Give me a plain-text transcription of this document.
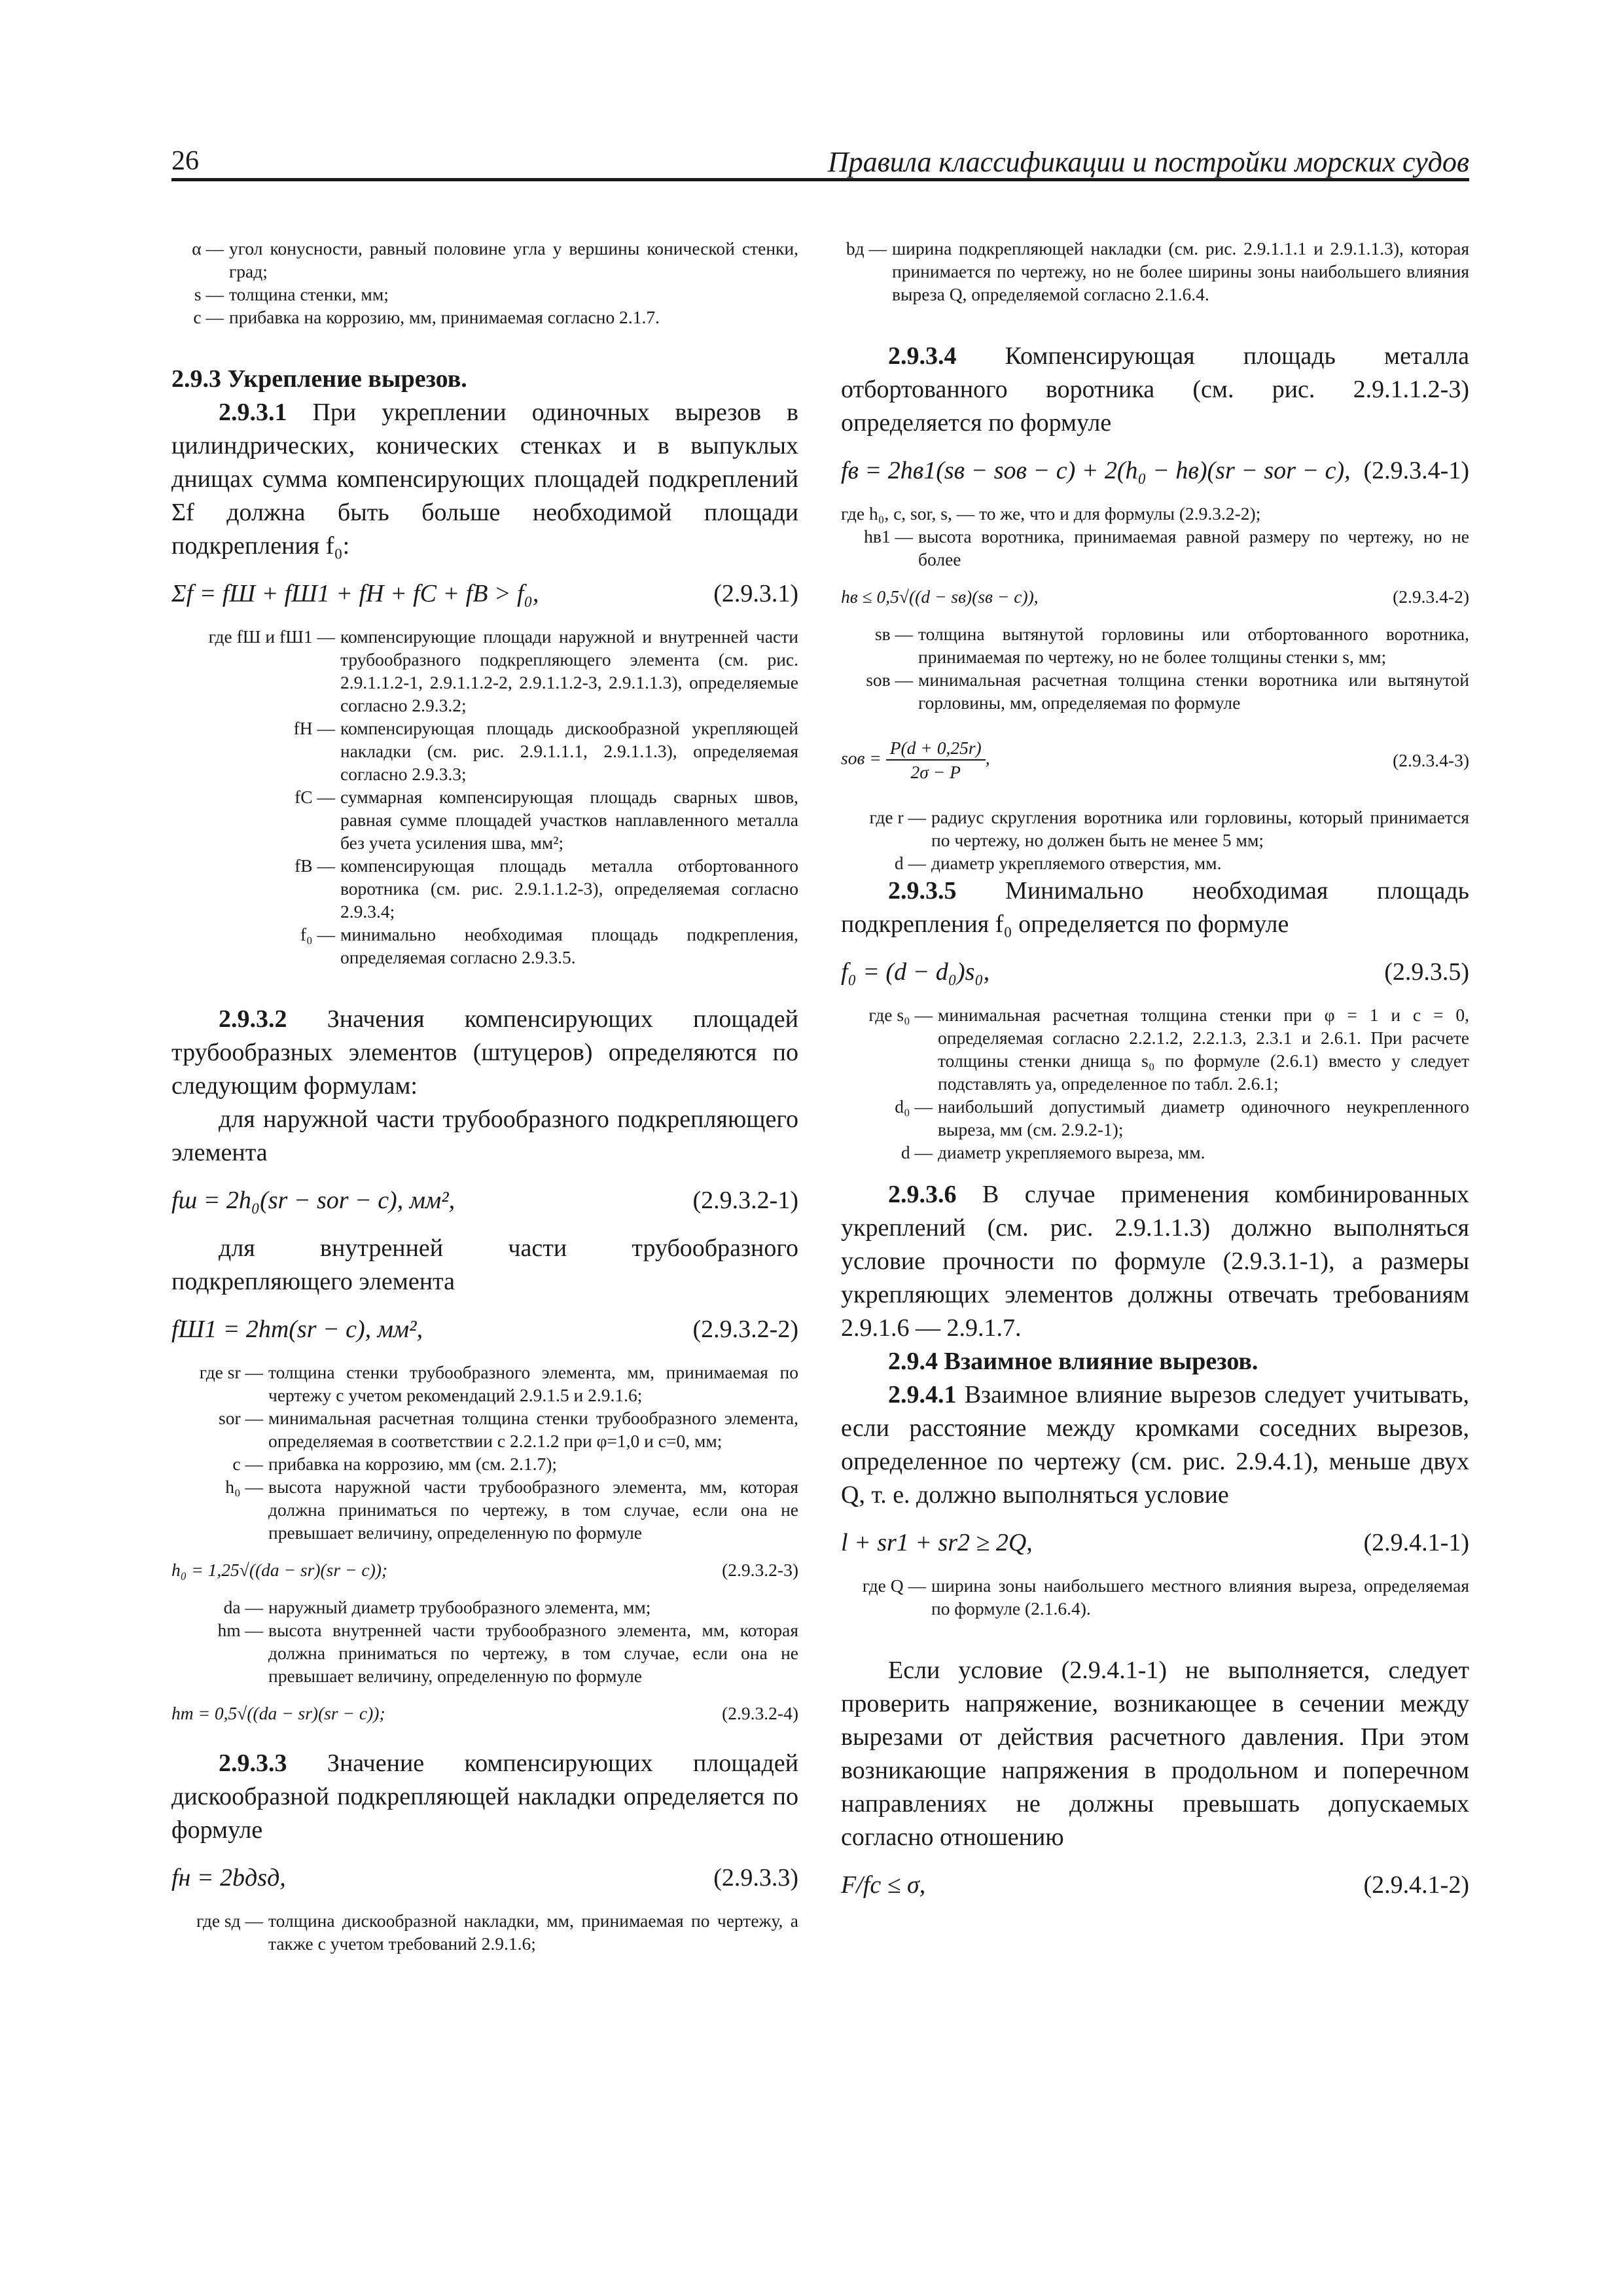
26	Правила классификации и постройки морских судов
α — угол конусности, равный половине угла у вершины конической стенки, град;
s — толщина стенки, мм;
c — прибавка на коррозию, мм, принимаемая согласно 2.1.7.
2.9.3 Укрепление вырезов.
2.9.3.1 При укреплении одиночных вырезов в цилиндрических, конических стенках и в выпуклых днищах сумма компенсирующих площадей подкреплений Σf должна быть больше необходимой площади подкрепления f₀:
Σf = fШ + fШ1 + fН + fС + fВ > f₀,	(2.9.3.1)
где fШ и fШ1 — компенсирующие площади наружной и внутренней части трубообразного подкрепляющего элемента (см. рис. 2.9.1.1.2-1, 2.9.1.1.2-2, 2.9.1.1.2-3, 2.9.1.1.3), определяемые согласно 2.9.3.2;
fН — компенсирующая площадь дискообразной укрепляющей накладки (см. рис. 2.9.1.1.1, 2.9.1.1.3), определяемая согласно 2.9.3.3;
fС — суммарная компенсирующая площадь сварных швов, равная сумме площадей участков наплавленного металла без учета усиления шва, мм²;
fВ — компенсирующая площадь металла отбортованного воротника (см. рис. 2.9.1.1.2-3), определяемая согласно 2.9.3.4;
f₀ — минимально необходимая площадь подкрепления, определяемая согласно 2.9.3.5.
2.9.3.2 Значения компенсирующих площадей трубообразных элементов (штуцеров) определяются по следующим формулам:
для наружной части трубообразного подкрепляющего элемента
fш = 2h₀(sr − sor − c), мм²,	(2.9.3.2-1)
для внутренней части трубообразного подкрепляющего элемента
fШ1 = 2hm(sr − c), мм²,	(2.9.3.2-2)
где sr — толщина стенки трубообразного элемента, мм, принимаемая по чертежу с учетом рекомендаций 2.9.1.5 и 2.9.1.6;
sor — минимальная расчетная толщина стенки трубообразного элемента, определяемая в соответствии с 2.2.1.2 при φ=1,0 и c=0, мм;
c — прибавка на коррозию, мм (см. 2.1.7);
h₀ — высота наружной части трубообразного элемента, мм, которая должна приниматься по чертежу, в том случае, если она не превышает величину, определенную по формуле
h₀ = 1,25√((da − sr)(sr − c));	(2.9.3.2-3)
da — наружный диаметр трубообразного элемента, мм;
hm — высота внутренней части трубообразного элемента, мм, которая должна приниматься по чертежу, в том случае, если она не превышает величину, определенную по формуле
hm = 0,5√((da − sr)(sr − c));	(2.9.3.2-4)
2.9.3.3 Значение компенсирующих площадей дискообразной подкрепляющей накладки определяется по формуле
fн = 2bдsд,	(2.9.3.3)
где sд — толщина дискообразной накладки, мм, принимаемая по чертежу, а также с учетом требований 2.9.1.6;
bд — ширина подкрепляющей накладки (см. рис. 2.9.1.1.1 и 2.9.1.1.3), которая принимается по чертежу, но не более ширины зоны наибольшего влияния выреза Q, определяемой согласно 2.1.6.4.
2.9.3.4 Компенсирующая площадь металла отбортованного воротника (см. рис. 2.9.1.1.2-3) определяется по формуле
fв = 2hв1(sв − sов − c) + 2(h₀ − hв)(sr − sor − c), (2.9.3.4-1)
где h₀, c, sor, s, — то же, что и для формулы (2.9.3.2-2);
hв1 — высота воротника, принимаемая равной размеру по чертежу, но не более
hв ≤ 0,5√((d − sв)(sв − c)),	(2.9.3.4-2)
sв — толщина вытянутой горловины или отбортованного воротника, принимаемая по чертежу, но не более толщины стенки s, мм;
sов — минимальная расчетная толщина стенки воротника или вытянутой горловины, мм, определяемая по формуле
sов = $\frac{P(d + 0,25r)}{2\sigma - P}$ ,	(2.9.3.4-3)
где r — радиус скругления воротника или горловины, который принимается по чертежу, но должен быть не менее 5 мм;
d — диаметр укрепляемого отверстия, мм.
2.9.3.5 Минимально необходимая площадь подкрепления f₀ определяется по формуле
f₀ = (d − d₀)s₀,	(2.9.3.5)
где s₀ — минимальная расчетная толщина стенки при φ = 1 и c = 0, определяемая согласно 2.2.1.2, 2.2.1.3, 2.3.1 и 2.6.1. При расчете толщины стенки днища s₀ по формуле (2.6.1) вместо y следует подставлять ya, определенное по табл. 2.6.1;
d₀ — наибольший допустимый диаметр одиночного неукрепленного выреза, мм (см. 2.9.2-1);
d — диаметр укрепляемого выреза, мм.
2.9.3.6 В случае применения комбинированных укреплений (см. рис. 2.9.1.1.3) должно выполняться условие прочности по формуле (2.9.3.1-1), а размеры укрепляющих элементов должны отвечать требованиям 2.9.1.6 — 2.9.1.7.
2.9.4 Взаимное влияние вырезов.
2.9.4.1 Взаимное влияние вырезов следует учитывать, если расстояние между кромками соседних вырезов, определенное по чертежу (см. рис. 2.9.4.1), меньше двух Q, т. е. должно выполняться условие
l + sr1 + sr2 ≥ 2Q,	(2.9.4.1-1)
где Q — ширина зоны наибольшего местного влияния выреза, определяемая по формуле (2.1.6.4).
Если условие (2.9.4.1-1) не выполняется, следует проверить напряжение, возникающее в сечении между вырезами от действия расчетного давления. При этом возникающие напряжения в продольном и поперечном направлениях не должны превышать допускаемых согласно отношению
F/fc ≤ σ,	(2.9.4.1-2)
